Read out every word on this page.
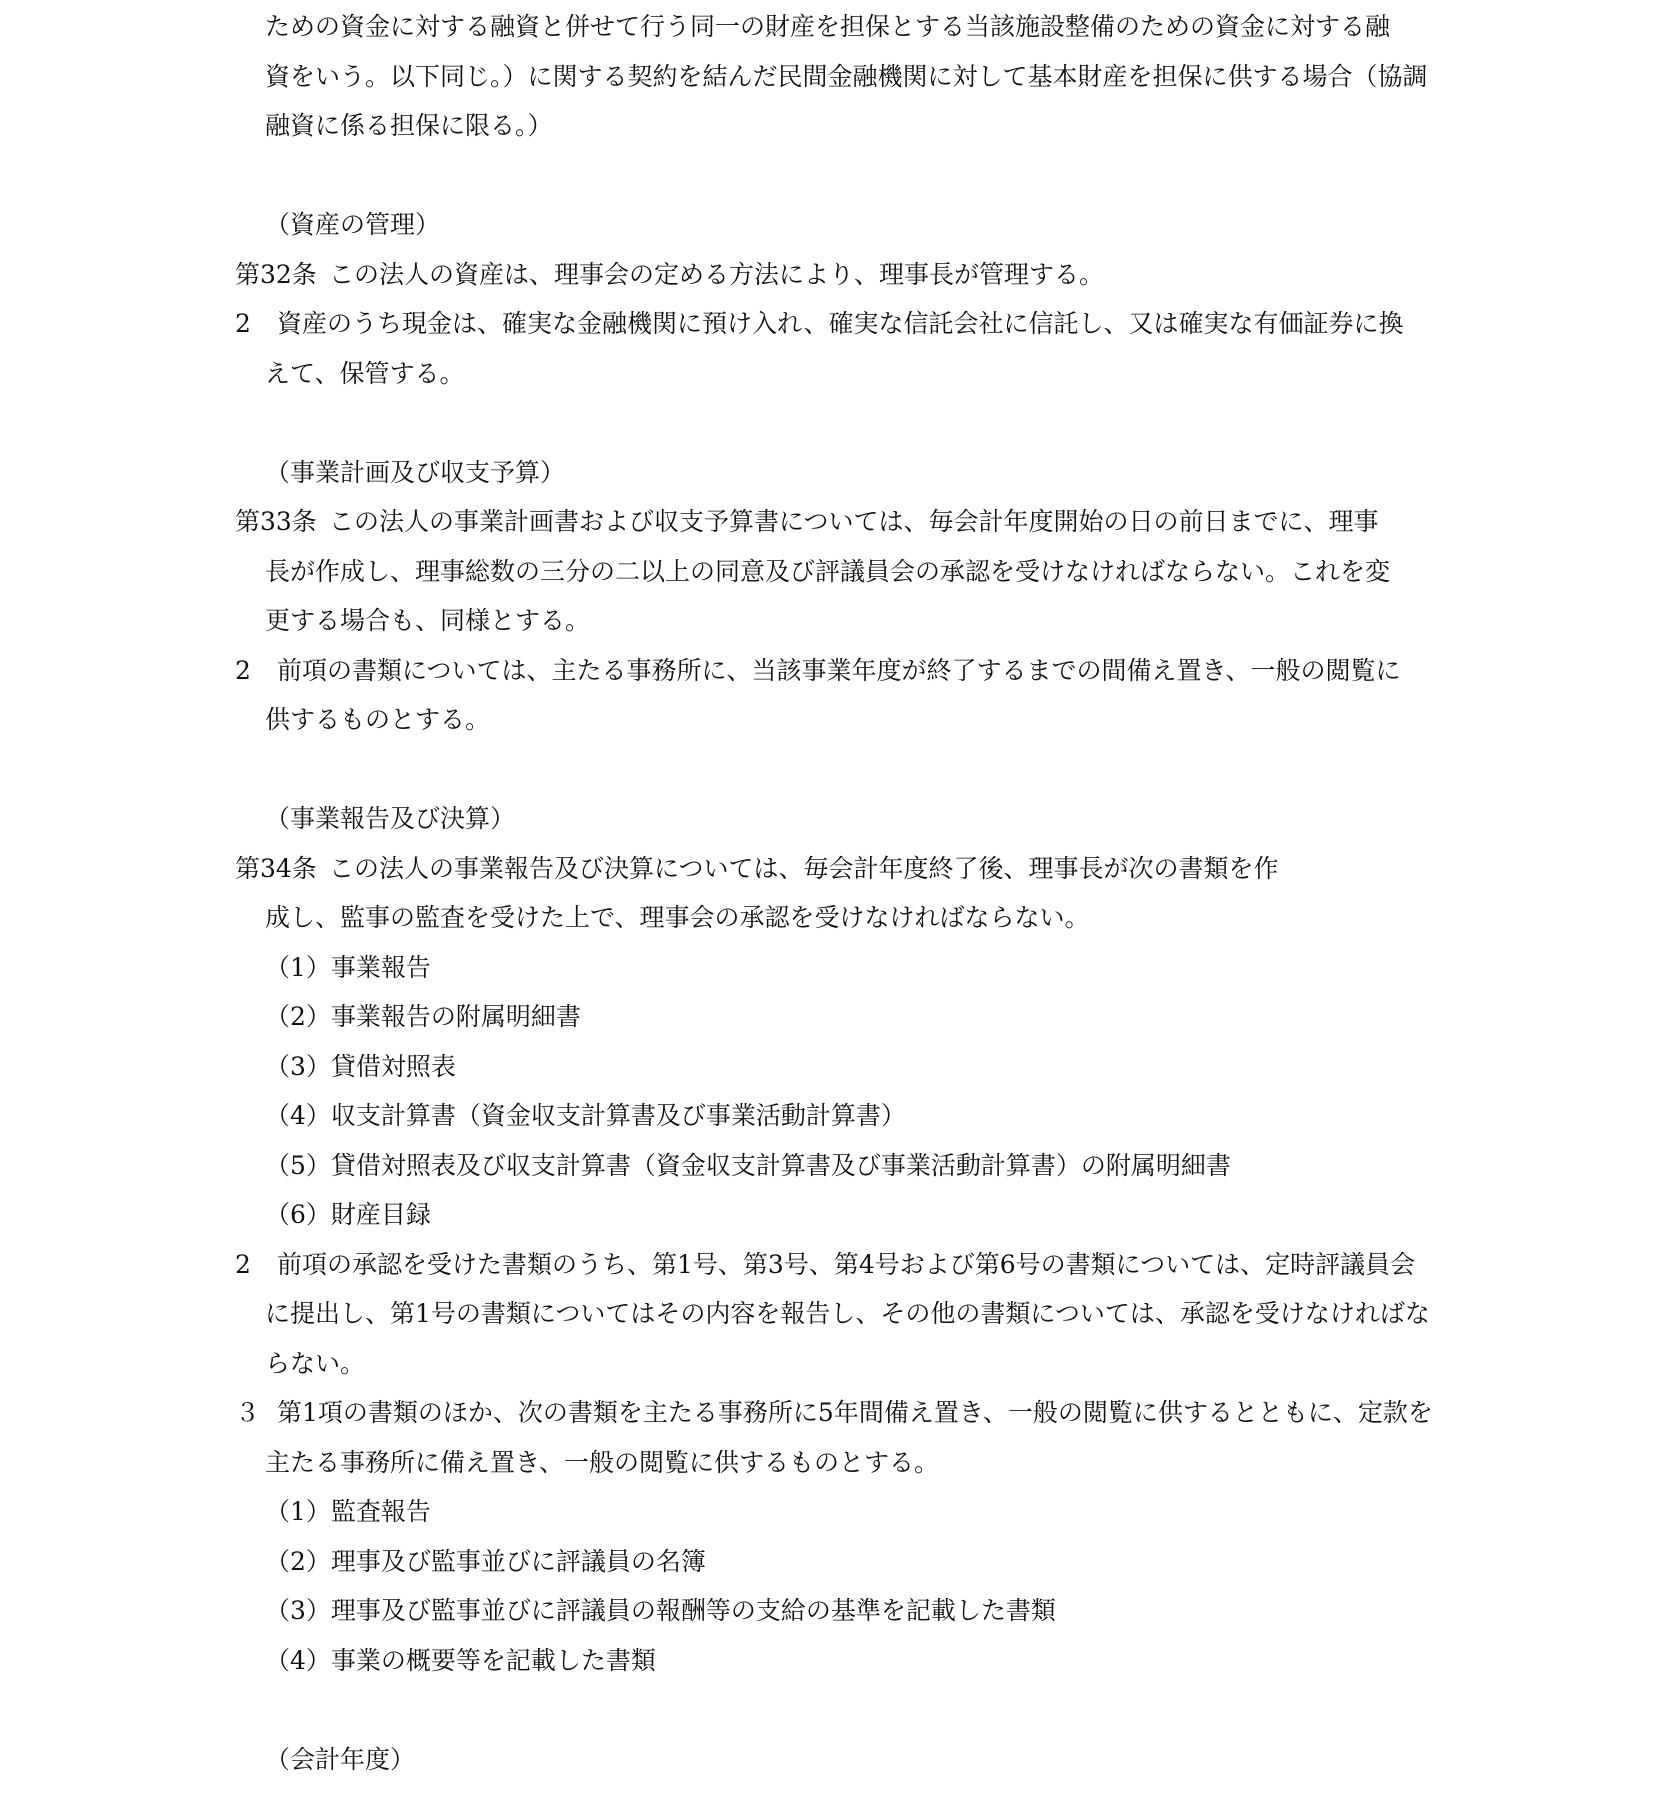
ための資金に対する融資と併せて行う同一の財産を担保とする当該施設整備のための資金に対する融
資をいう。以下同じ。）に関する契約を結んだ民間金融機関に対して基本財産を担保に供する場合（協調
融資に係る担保に限る。）
（資産の管理）
第32条 この法人の資産は、理事会の定める方法により、理事長が管理する。
2 資産のうち現金は、確実な金融機関に預け入れ、確実な信託会社に信託し、又は確実な有価証券に換
えて、保管する。
（事業計画及び収支予算）
第33条 この法人の事業計画書および収支予算書については、毎会計年度開始の日の前日までに、理事
長が作成し、理事総数の三分の二以上の同意及び評議員会の承認を受けなければならない。これを変
更する場合も、同様とする。
2 前項の書類については、主たる事務所に、当該事業年度が終了するまでの間備え置き、一般の閲覧に
供するものとする。
（事業報告及び決算）
第34条 この法人の事業報告及び決算については、毎会計年度終了後、理事長が次の書類を作
成し、監事の監査を受けた上で、理事会の承認を受けなければならない。
（1）事業報告
（2）事業報告の附属明細書
（3）貸借対照表
（4）収支計算書（資金収支計算書及び事業活動計算書）
（5）貸借対照表及び収支計算書（資金収支計算書及び事業活動計算書）の附属明細書
（6）財産目録
2 前項の承認を受けた書類のうち、第1号、第3号、第4号および第6号の書類については、定時評議員会
に提出し、第1号の書類についてはその内容を報告し、その他の書類については、承認を受けなければな
らない。
３ 第1項の書類のほか、次の書類を主たる事務所に5年間備え置き、一般の閲覧に供するとともに、定款を
主たる事務所に備え置き、一般の閲覧に供するものとする。
（1）監査報告
（2）理事及び監事並びに評議員の名簿
（3）理事及び監事並びに評議員の報酬等の支給の基準を記載した書類
（4）事業の概要等を記載した書類
（会計年度）
